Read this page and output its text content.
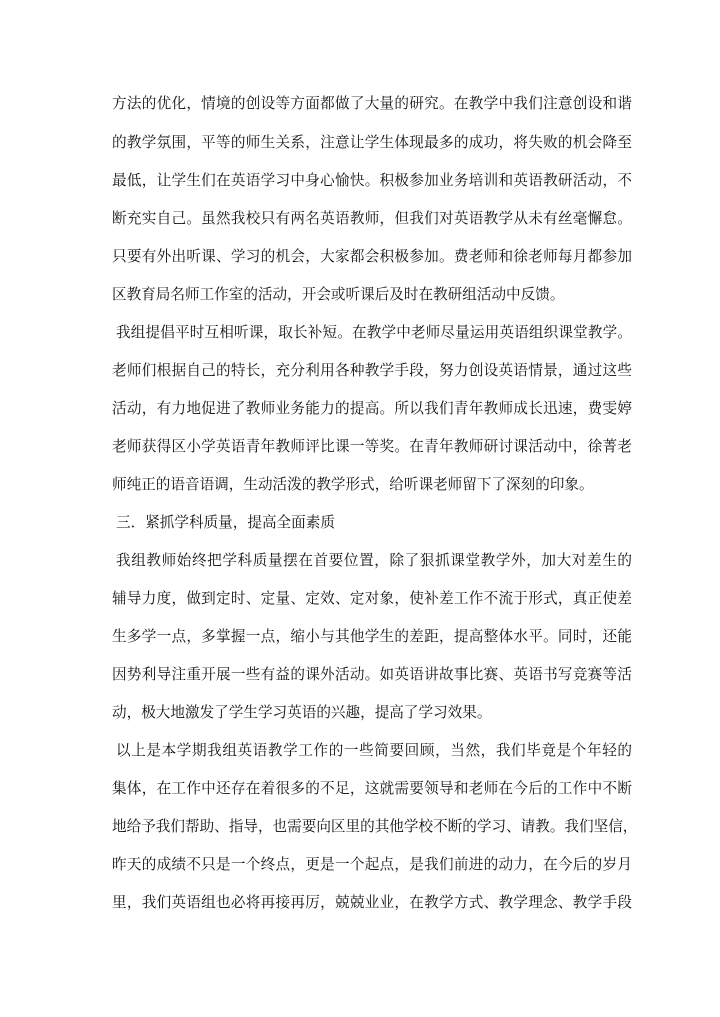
方法的优化，情境的创设等方面都做了大量的研究。在教学中我们注意创设和谐
的教学氛围，平等的师生关系，注意让学生体现最多的成功，将失败的机会降至
最低，让学生们在英语学习中身心愉快。积极参加业务培训和英语教研活动，不
断充实自己。虽然我校只有两名英语教师，但我们对英语教学从未有丝毫懈怠。
只要有外出听课、学习的机会，大家都会积极参加。费老师和徐老师每月都参加
区教育局名师工作室的活动，开会或听课后及时在教研组活动中反馈。
我组提倡平时互相听课，取长补短。在教学中老师尽量运用英语组织课堂教学。
老师们根据自己的特长，充分利用各种教学手段，努力创设英语情景，通过这些
活动，有力地促进了教师业务能力的提高。所以我们青年教师成长迅速，费雯婷
老师获得区小学英语青年教师评比课一等奖。在青年教师研讨课活动中，徐菁老
师纯正的语音语调，生动活泼的教学形式，给听课老师留下了深刻的印象。
三．紧抓学科质量，提高全面素质
我组教师始终把学科质量摆在首要位置，除了狠抓课堂教学外，加大对差生的
辅导力度，做到定时、定量、定效、定对象，使补差工作不流于形式，真正使差
生多学一点，多掌握一点，缩小与其他学生的差距，提高整体水平。同时，还能
因势利导注重开展一些有益的课外活动。如英语讲故事比赛、英语书写竞赛等活
动，极大地激发了学生学习英语的兴趣，提高了学习效果。
以上是本学期我组英语教学工作的一些简要回顾，当然，我们毕竟是个年轻的
集体，在工作中还存在着很多的不足，这就需要领导和老师在今后的工作中不断
地给予我们帮助、指导，也需要向区里的其他学校不断的学习、请教。我们坚信，
昨天的成绩不只是一个终点，更是一个起点，是我们前进的动力，在今后的岁月
里，我们英语组也必将再接再厉，兢兢业业，在教学方式、教学理念、教学手段
